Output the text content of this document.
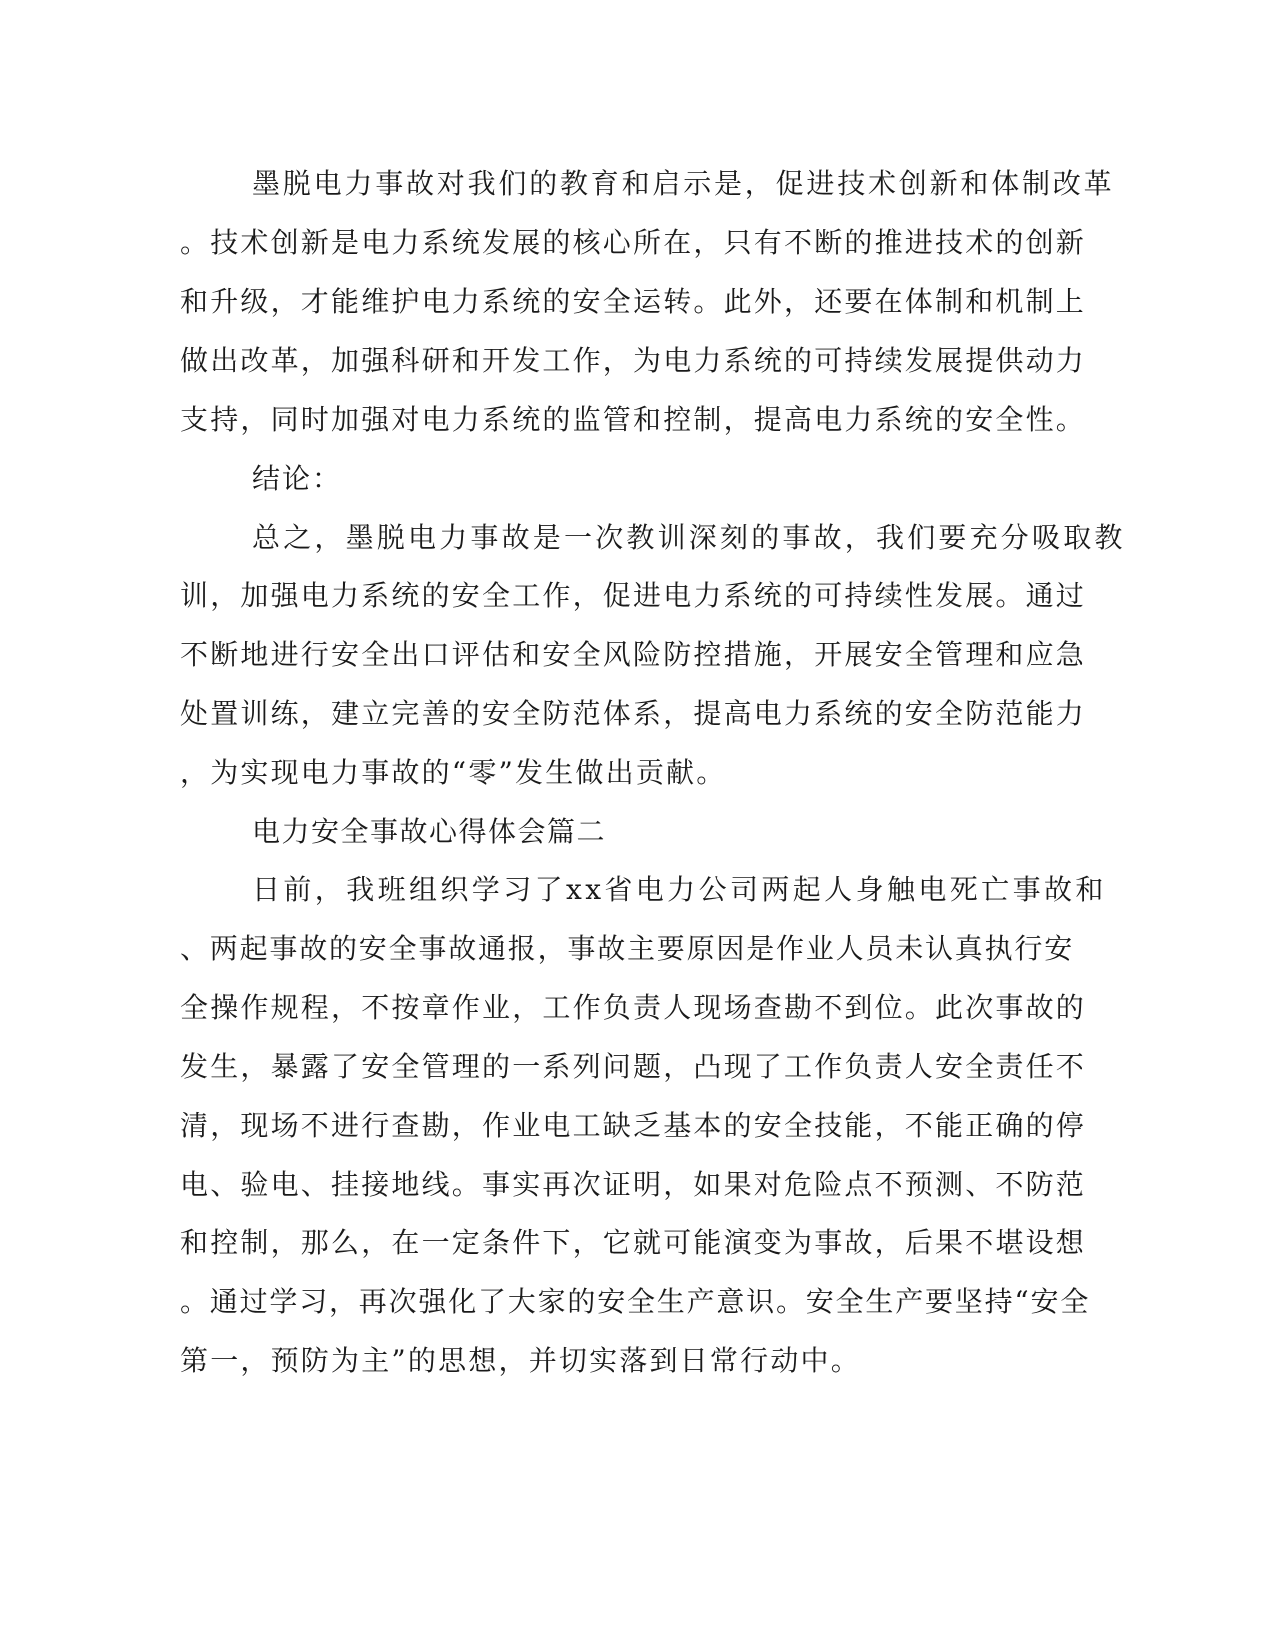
墨脱电力事故对我们的教育和启示是，促进技术创新和体制改革

。技术创新是电力系统发展的核心所在，只有不断的推进技术的创新

和升级，才能维护电力系统的安全运转。此外，还要在体制和机制上

做出改革，加强科研和开发工作，为电力系统的可持续发展提供动力

支持，同时加强对电力系统的监管和控制，提高电力系统的安全性。

结论：

总之，墨脱电力事故是一次教训深刻的事故，我们要充分吸取教

训，加强电力系统的安全工作，促进电力系统的可持续性发展。通过

不断地进行安全出口评估和安全风险防控措施，开展安全管理和应急

处置训练，建立完善的安全防范体系，提高电力系统的安全防范能力

，为实现电力事故的“零”发生做出贡献。

电力安全事故心得体会篇二

日前，我班组织学习了xx省电力公司两起人身触电死亡事故和

、两起事故的安全事故通报，事故主要原因是作业人员未认真执行安

全操作规程，不按章作业，工作负责人现场查勘不到位。此次事故的

发生，暴露了安全管理的一系列问题，凸现了工作负责人安全责任不

清，现场不进行查勘，作业电工缺乏基本的安全技能，不能正确的停

电、验电、挂接地线。事实再次证明，如果对危险点不预测、不防范

和控制，那么，在一定条件下，它就可能演变为事故，后果不堪设想

。通过学习，再次强化了大家的安全生产意识。安全生产要坚持“安全

第一，预防为主”的思想，并切实落到日常行动中。
